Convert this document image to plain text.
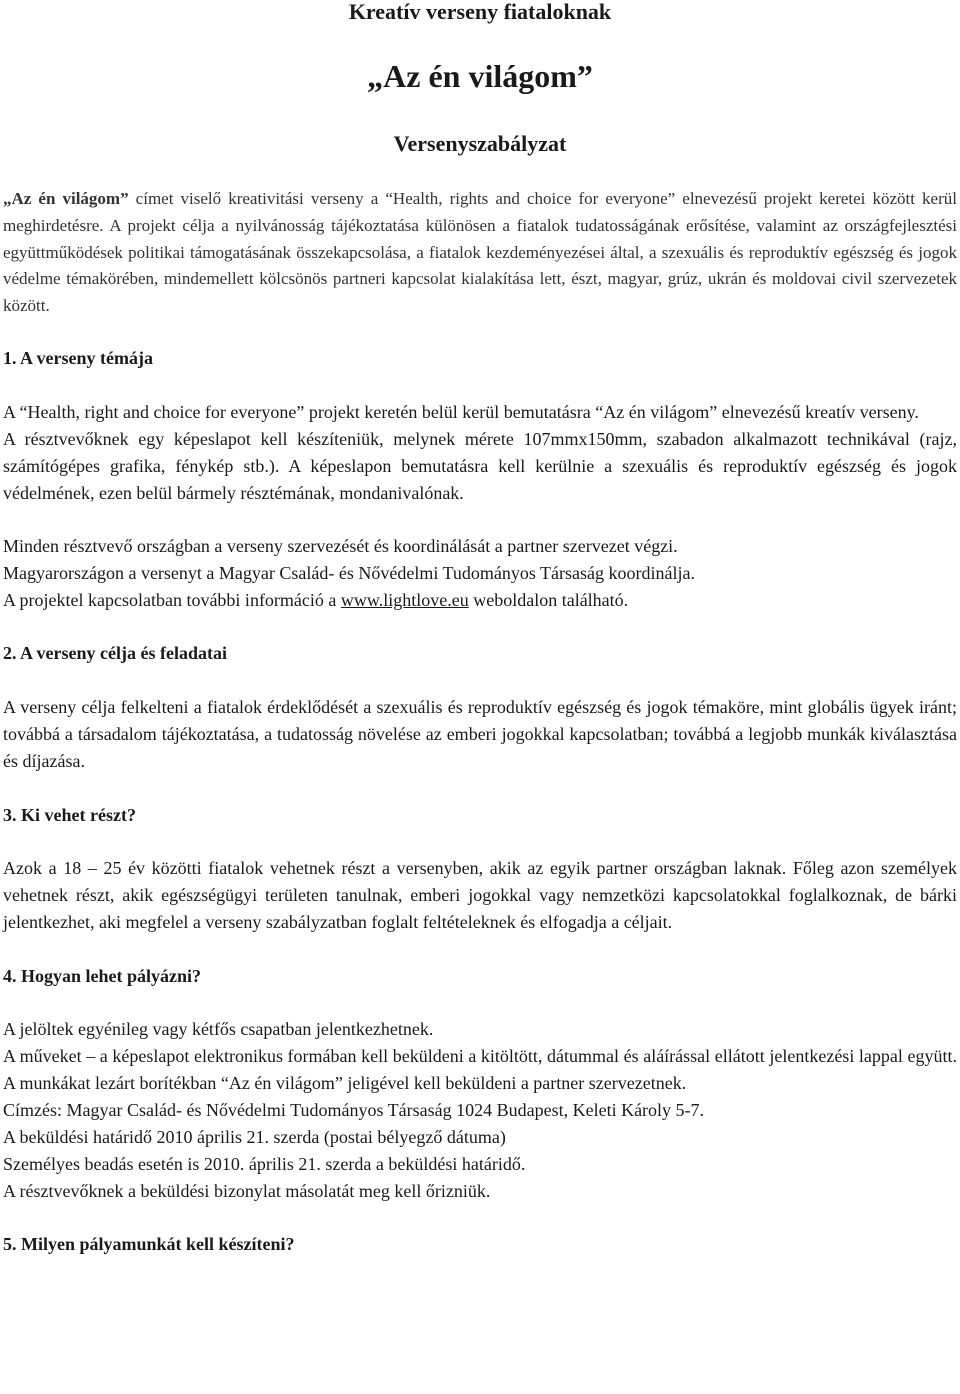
Kreatív verseny fiataloknak

„Az én világom”
Versenyszabályzat

„Az én világom” címet viselő kreativitási verseny a “Health, rights and choice for everyone” elnevezésű projekt keretei között kerül meghirdetésre. A projekt célja a nyilvánosság tájékoztatása különösen a fiatalok tudatosságának erősítése, valamint az országfejlesztési együttműködések politikai támogatásának összekapcsolása, a fiatalok kezdeményezései által, a szexuális és reproduktív egészség és jogok védelme témakörében, mindemellett kölcsönös partneri kapcsolat kialakítása lett, észt, magyar, grúz, ukrán és moldovai civil szervezetek között.

1. A verseny témája

A “Health, right and choice for everyone” projekt keretén belül kerül bemutatásra “Az én világom” elnevezésű kreatív verseny.

A résztvevőknek egy képeslapot kell készíteniük, melynek mérete 107mmx150mm, szabadon alkalmazott technikával (rajz, számítógépes grafika, fénykép stb.). A képeslapon bemutatásra kell kerülnie a szexuális és reproduktív egészség és jogok védelmének, ezen belül bármely résztémának, mondanivalónak.

Minden résztvevő országban a verseny szervezését és koordinálását a partner szervezet végzi.

Magyarországon a versenyt a Magyar Család- és Nővédelmi Tudományos Társaság koordinálja.

A projektel kapcsolatban további információ a www.lightlove.eu weboldalon található.

2. A verseny célja és feladatai

A verseny célja felkelteni a fiatalok érdeklődését a szexuális és reproduktív egészség és jogok témaköre, mint globális ügyek iránt; továbbá a társadalom tájékoztatása, a tudatosság növelése az emberi jogokkal kapcsolatban; továbbá a legjobb munkák kiválasztása és díjazása.

3. Ki vehet részt?

Azok a 18 – 25 év közötti fiatalok vehetnek részt a versenyben, akik az egyik partner országban laknak. Főleg azon személyek vehetnek részt, akik egészségügyi területen tanulnak, emberi jogokkal vagy nemzetközi kapcsolatokkal foglalkoznak, de bárki jelentkezhet, aki megfelel a verseny szabályzatban foglalt feltételeknek és elfogadja a céljait.

4. Hogyan lehet pályázni?

A jelöltek egyénileg vagy kétfős csapatban jelentkezhetnek.

A műveket – a képeslapot elektronikus formában kell beküldeni a kitöltött, dátummal és aláírással ellátott jelentkezési lappal együtt. A munkákat lezárt borítékban “Az én világom” jeligével kell beküldeni a partner szervezetnek.

Címzés: Magyar Család- és Nővédelmi Tudományos Társaság 1024 Budapest, Keleti Károly 5-7.

A beküldési határidő 2010 április 21. szerda (postai bélyegző dátuma)

Személyes beadás esetén is 2010. április 21. szerda a beküldési határidő.

A résztvevőknek a beküldési bizonylat másolatát meg kell őrizniük.

5. Milyen pályamunkát kell készíteni?
